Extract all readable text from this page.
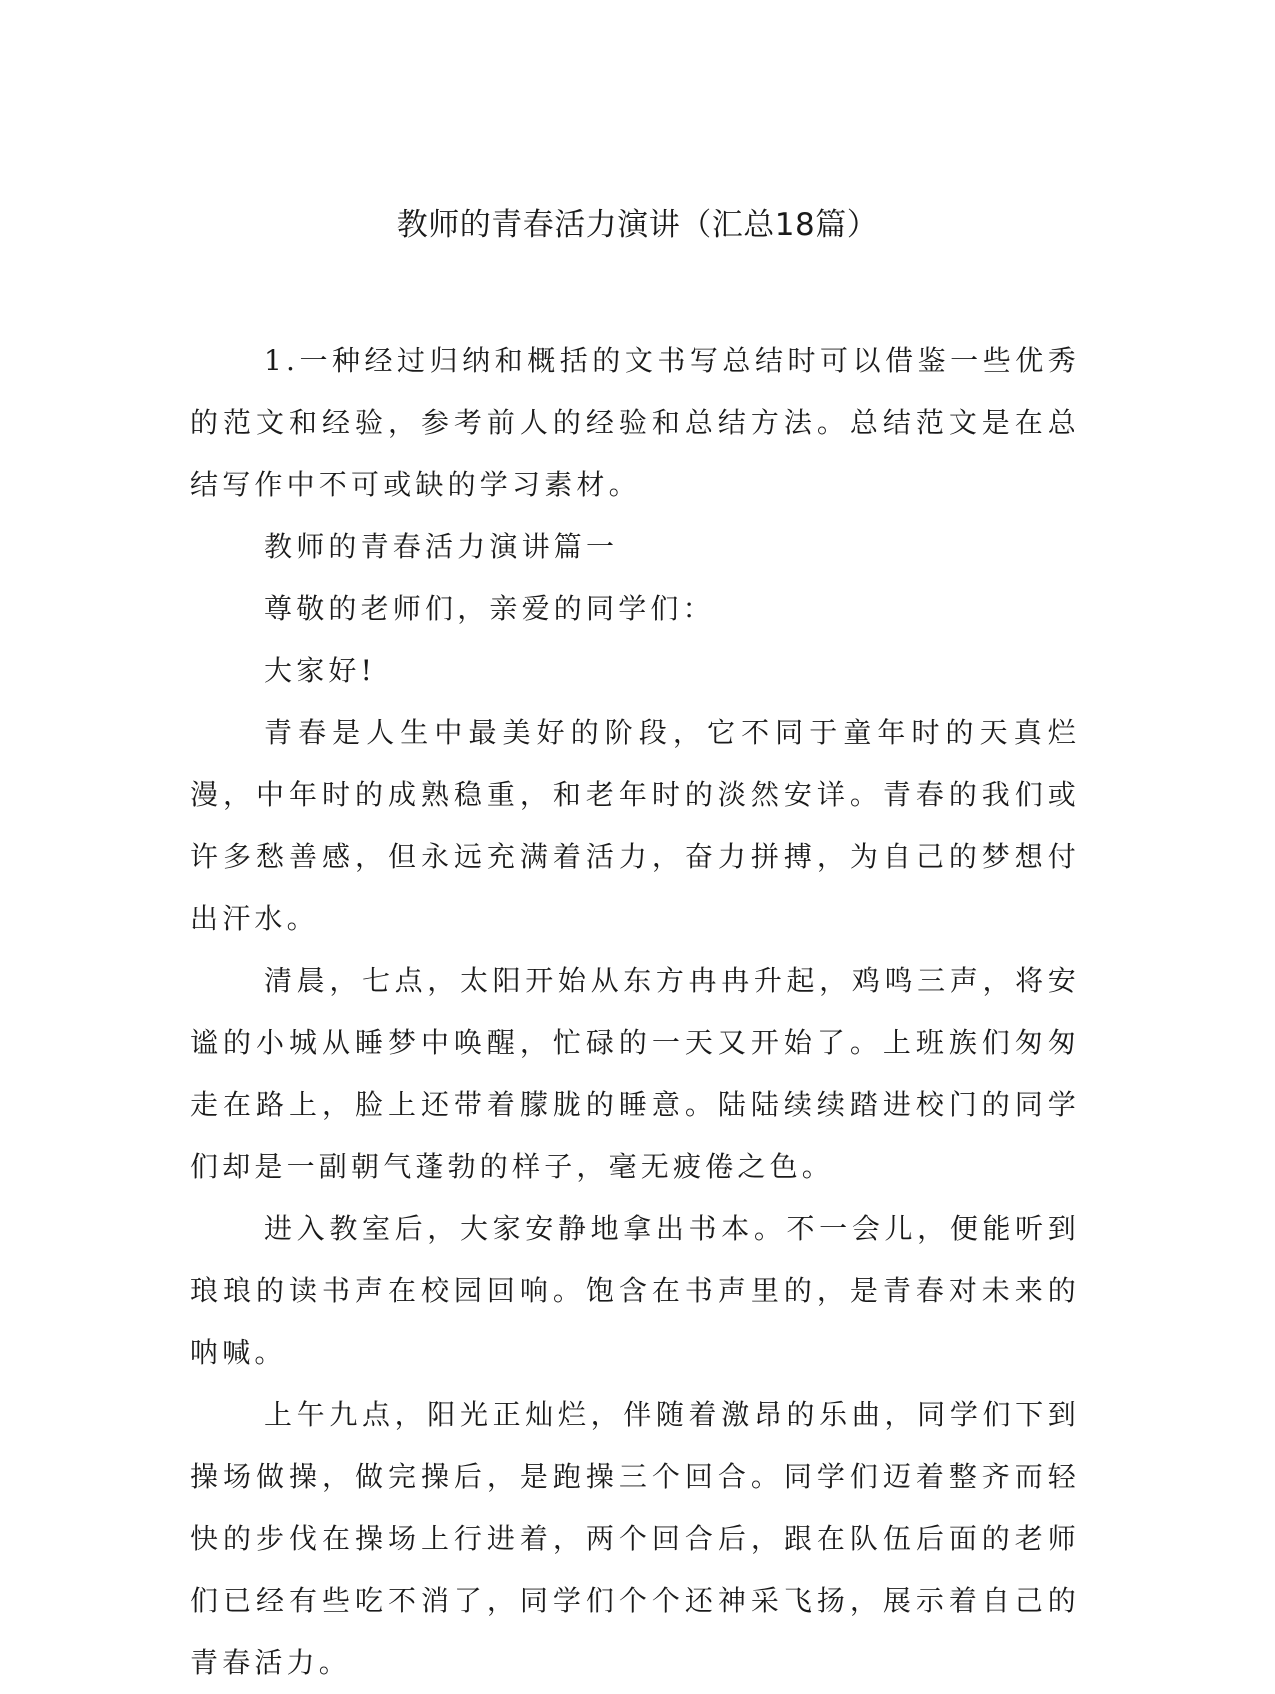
教师的青春活力演讲（汇总18篇）

1.一种经过归纳和概括的文书写总结时可以借鉴一些优秀的范文和经验，参考前人的经验和总结方法。总结范文是在总结写作中不可或缺的学习素材。

教师的青春活力演讲篇一

尊敬的老师们，亲爱的同学们：

大家好!

青春是人生中最美好的阶段，它不同于童年时的天真烂漫，中年时的成熟稳重，和老年时的淡然安详。青春的我们或许多愁善感，但永远充满着活力，奋力拼搏，为自己的梦想付出汗水。

清晨，七点，太阳开始从东方冉冉升起，鸡鸣三声，将安谧的小城从睡梦中唤醒，忙碌的一天又开始了。上班族们匆匆走在路上，脸上还带着朦胧的睡意。陆陆续续踏进校门的同学们却是一副朝气蓬勃的样子，毫无疲倦之色。

进入教室后，大家安静地拿出书本。不一会儿，便能听到琅琅的读书声在校园回响。饱含在书声里的，是青春对未来的呐喊。

上午九点，阳光正灿烂，伴随着激昂的乐曲，同学们下到操场做操，做完操后，是跑操三个回合。同学们迈着整齐而轻快的步伐在操场上行进着，两个回合后，跟在队伍后面的老师们已经有些吃不消了，同学们个个还神采飞扬，展示着自己的青春活力。
